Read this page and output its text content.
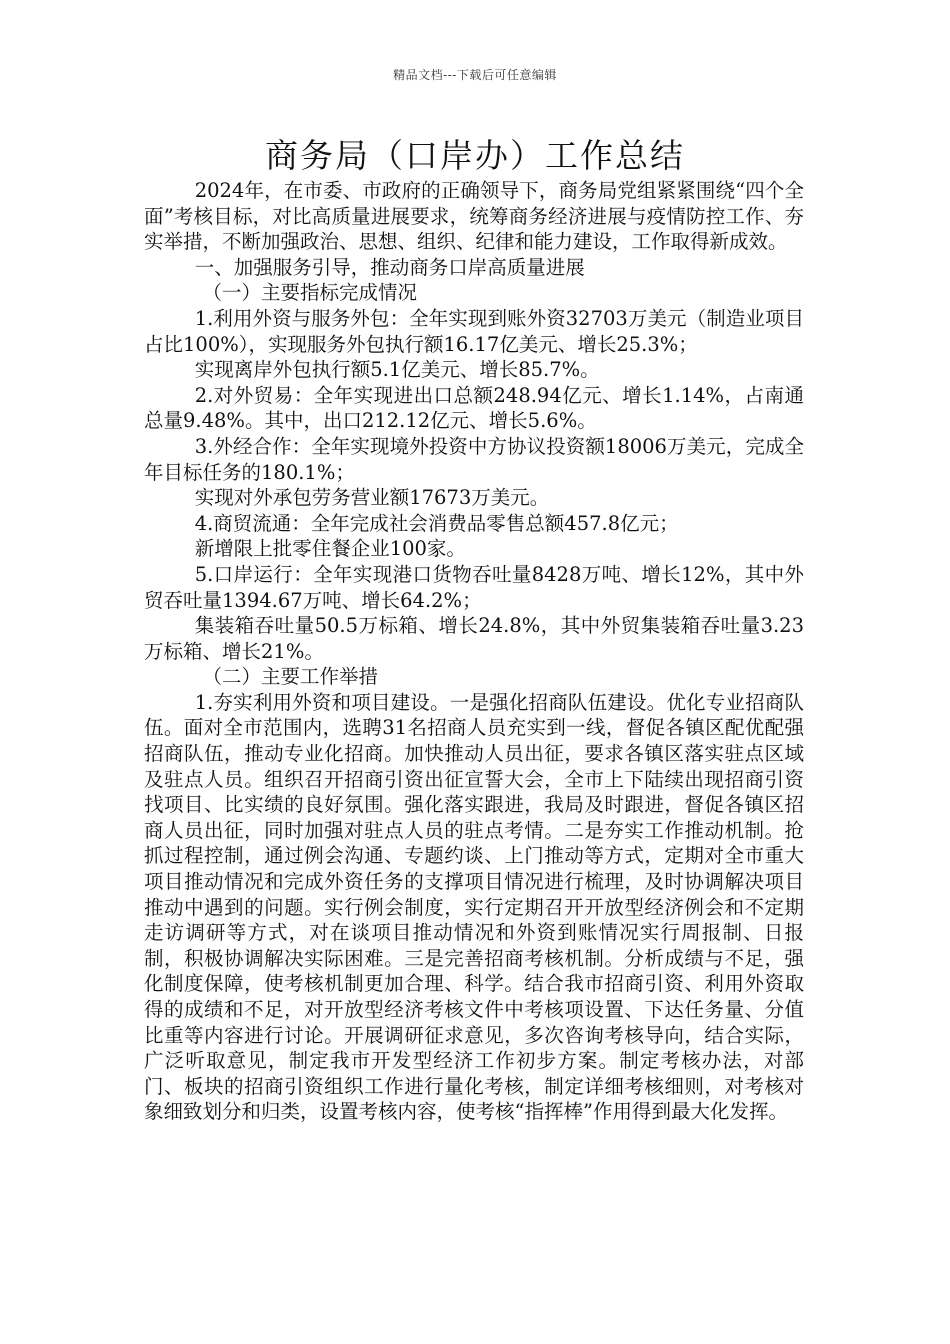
精品文档---下载后可任意编辑
商务局（口岸办）工作总结

2024年，在市委、市政府的正确领导下，商务局党组紧紧围绕“四个全面”考核目标，对比高质量进展要求，统筹商务经济进展与疫情防控工作、夯实举措，不断加强政治、思想、组织、纪律和能力建设，工作取得新成效。

一、加强服务引导，推动商务口岸高质量进展

（一）主要指标完成情况

1.利用外资与服务外包：全年实现到账外资32703万美元（制造业项目占比100%），实现服务外包执行额16.17亿美元、增长25.3%；

实现离岸外包执行额5.1亿美元、增长85.7%。

2.对外贸易：全年实现进出口总额248.94亿元、增长1.14%，占南通总量9.48%。其中，出口212.12亿元、增长5.6%。

3.外经合作：全年实现境外投资中方协议投资额18006万美元，完成全年目标任务的180.1%；

实现对外承包劳务营业额17673万美元。

4.商贸流通：全年完成社会消费品零售总额457.8亿元；

新增限上批零住餐企业100家。

5.口岸运行：全年实现港口货物吞吐量8428万吨、增长12%，其中外贸吞吐量1394.67万吨、增长64.2%；

集装箱吞吐量50.5万标箱、增长24.8%，其中外贸集装箱吞吐量3.23万标箱、增长21%。

（二）主要工作举措

1.夯实利用外资和项目建设。一是强化招商队伍建设。优化专业招商队伍。面对全市范围内，选聘31名招商人员充实到一线，督促各镇区配优配强招商队伍，推动专业化招商。加快推动人员出征，要求各镇区落实驻点区域及驻点人员。组织召开招商引资出征宣誓大会，全市上下陆续出现招商引资找项目、比实绩的良好氛围。强化落实跟进，我局及时跟进，督促各镇区招商人员出征，同时加强对驻点人员的驻点考情。二是夯实工作推动机制。抢抓过程控制，通过例会沟通、专题约谈、上门推动等方式，定期对全市重大项目推动情况和完成外资任务的支撑项目情况进行梳理，及时协调解决项目推动中遇到的问题。实行例会制度，实行定期召开开放型经济例会和不定期走访调研等方式，对在谈项目推动情况和外资到账情况实行周报制、日报制，积极协调解决实际困难。三是完善招商考核机制。分析成绩与不足，强化制度保障，使考核机制更加合理、科学。结合我市招商引资、利用外资取得的成绩和不足，对开放型经济考核文件中考核项设置、下达任务量、分值比重等内容进行讨论。开展调研征求意见，多次咨询考核导向，结合实际，广泛听取意见，制定我市开发型经济工作初步方案。制定考核办法，对部门、板块的招商引资组织工作进行量化考核，制定详细考核细则，对考核对象细致划分和归类，设置考核内容，使考核“指挥棒”作用得到最大化发挥。
